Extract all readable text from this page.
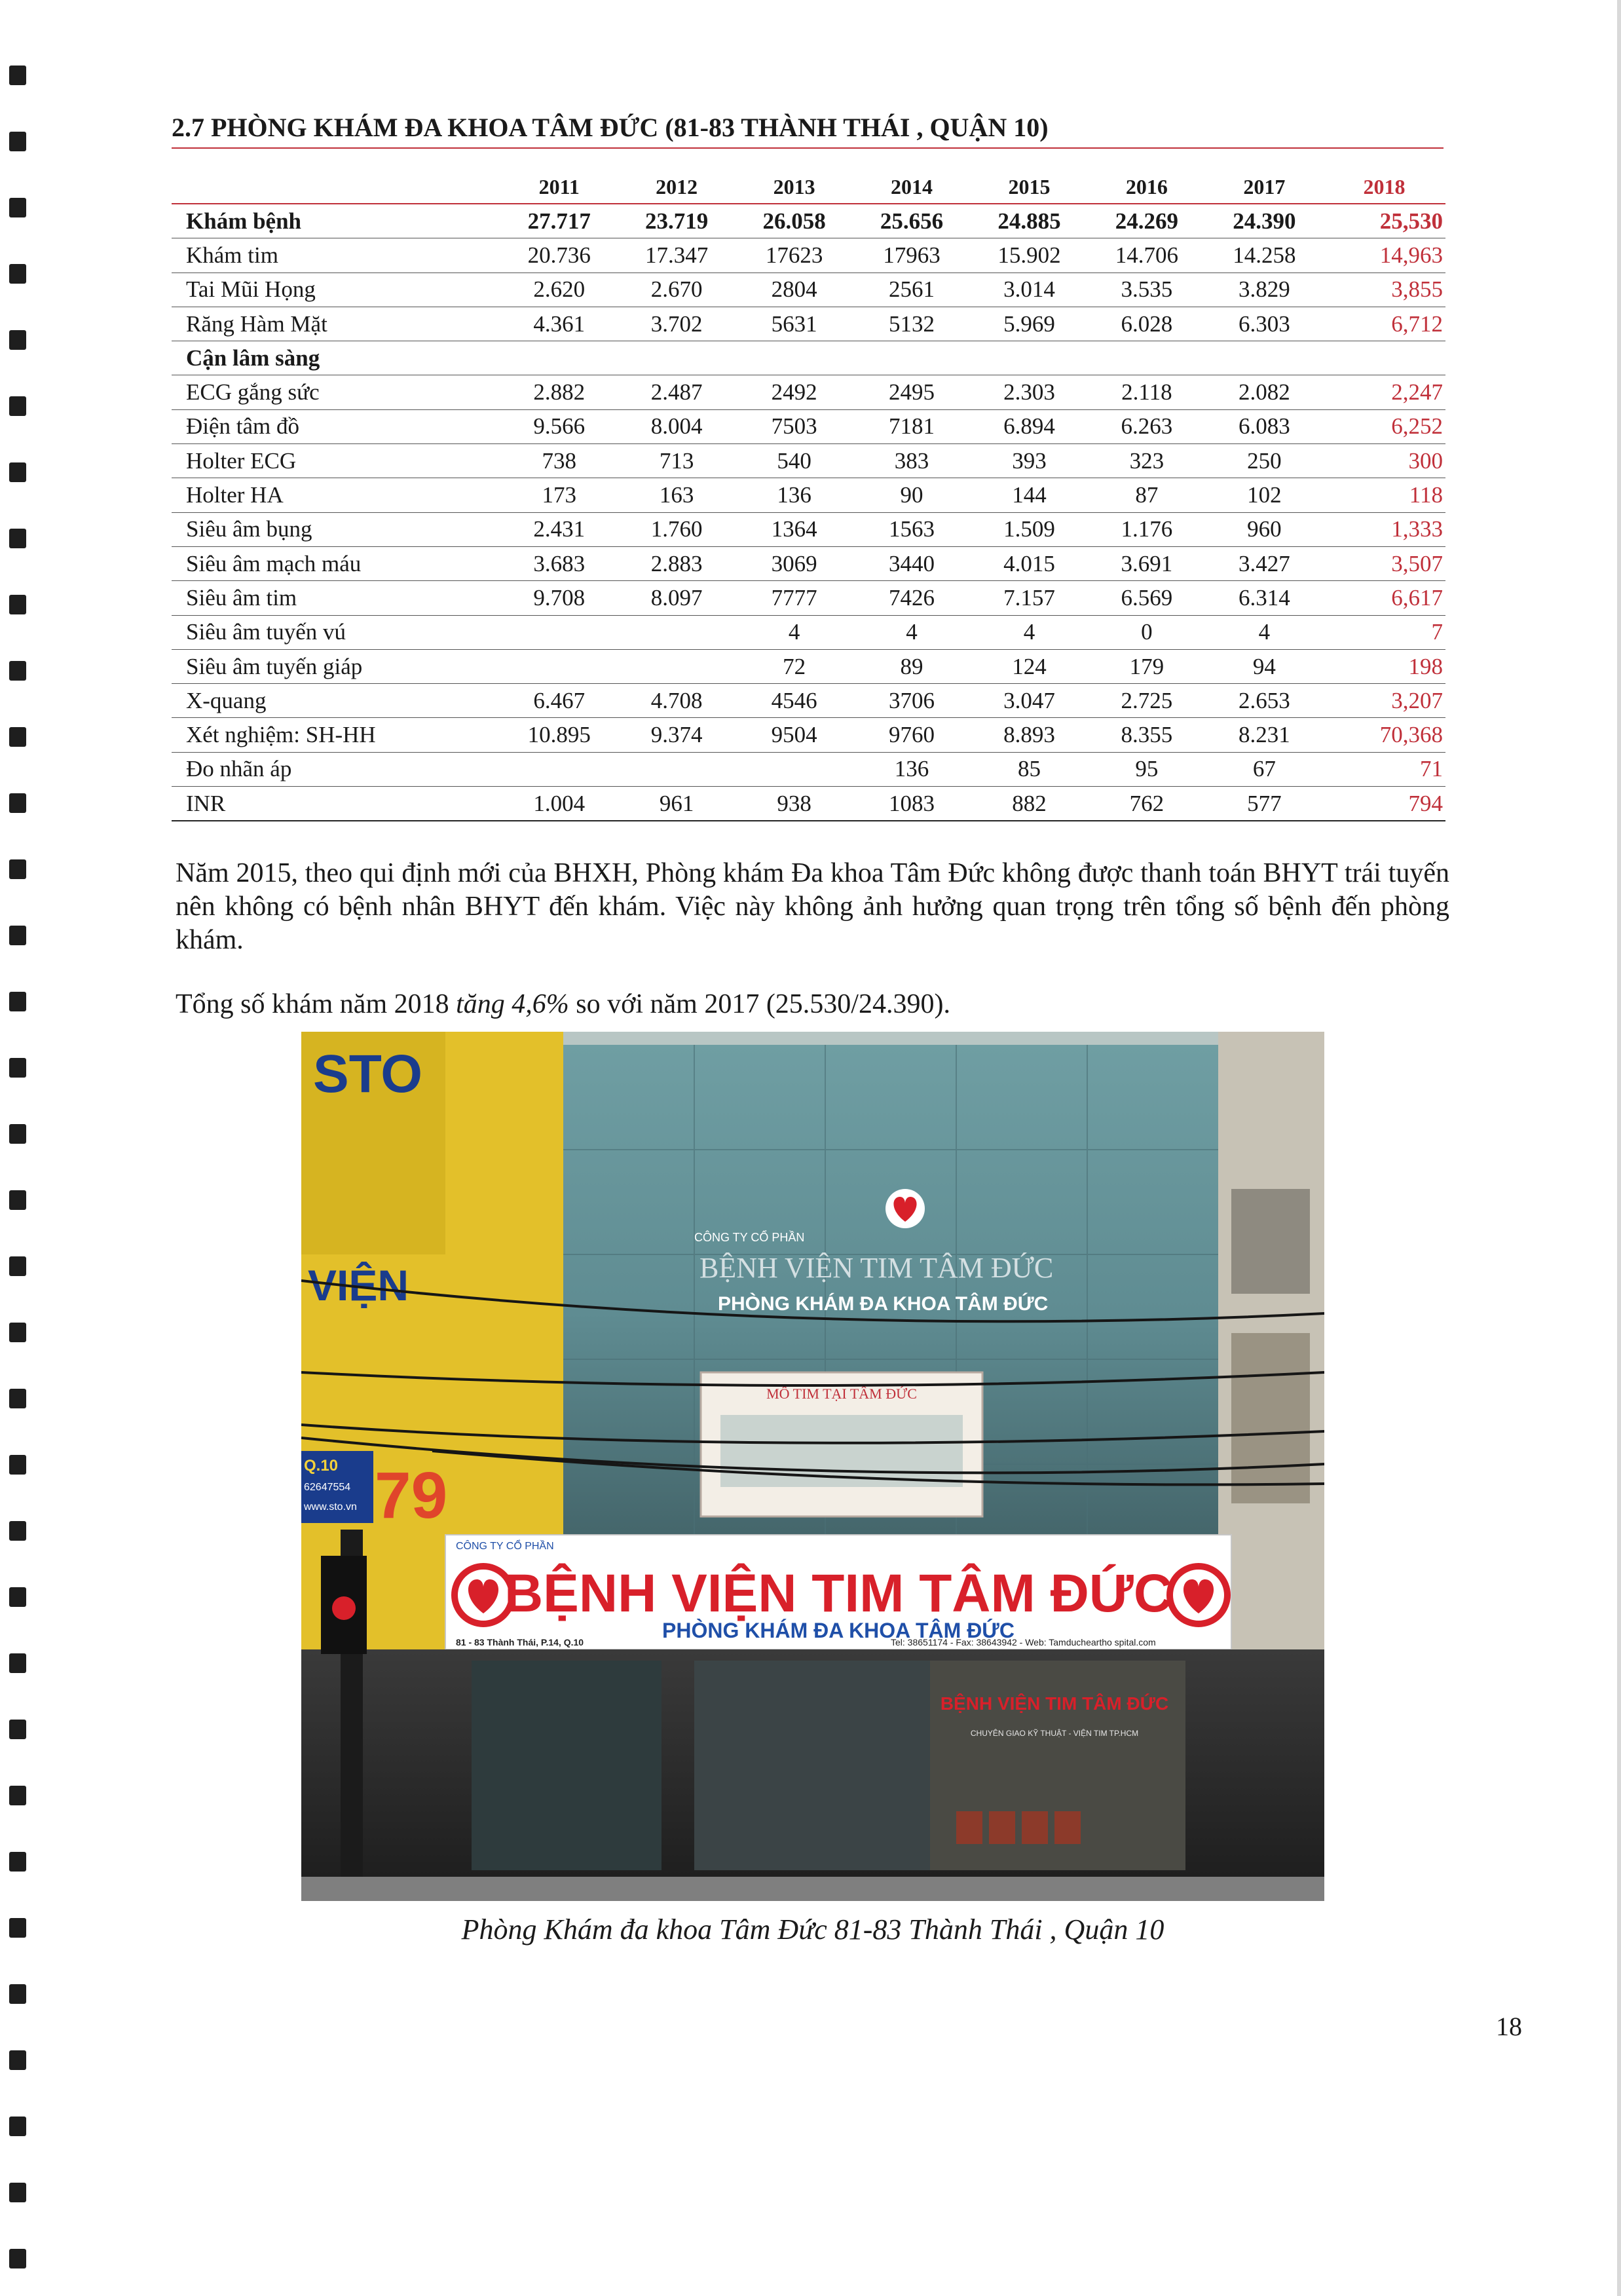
2.7 PHÒNG KHÁM ĐA KHOA TÂM ĐỨC (81-83 THÀNH THÁI , QUẬN 10)
	2011	2012	2013	2014	2015	2016	2017	2018
Khám bệnh	27.717	23.719	26.058	25.656	24.885	24.269	24.390	25,530
Khám tim	20.736	17.347	17623	17963	15.902	14.706	14.258	14,963
Tai Mũi Họng	2.620	2.670	2804	2561	3.014	3.535	3.829	3,855
Răng Hàm Mặt	4.361	3.702	5631	5132	5.969	6.028	6.303	6,712
Cận lâm sàng								
ECG gắng sức	2.882	2.487	2492	2495	2.303	2.118	2.082	2,247
Điện tâm đồ	9.566	8.004	7503	7181	6.894	6.263	6.083	6,252
Holter ECG	738	713	540	383	393	323	250	300
Holter HA	173	163	136	90	144	87	102	118
Siêu âm bụng	2.431	1.760	1364	1563	1.509	1.176	960	1,333
Siêu âm mạch máu	3.683	2.883	3069	3440	4.015	3.691	3.427	3,507
Siêu âm tim	9.708	8.097	7777	7426	7.157	6.569	6.314	6,617
Siêu âm tuyến vú			4	4	4	0	4	7
Siêu âm tuyến giáp			72	89	124	179	94	198
X-quang	6.467	4.708	4546	3706	3.047	2.725	2.653	3,207
Xét nghiệm: SH-HH	10.895	9.374	9504	9760	8.893	8.355	8.231	70,368
Đo nhãn áp				136	85	95	67	71
INR	1.004	961	938	1083	882	762	577	794
Năm 2015, theo qui định mới của BHXH, Phòng khám Đa khoa Tâm Đức không được thanh toán BHYT trái tuyến nên không có bệnh nhân BHYT đến khám. Việc này không ảnh hưởng quan trọng trên tổng số bệnh đến phòng khám.
Tổng số khám năm 2018 tăng 4,6% so với năm 2017 (25.530/24.390).
STO
VIỆN
Q.10
62647554
www.sto.vn 79
CÔNG TY CỔ PHẦN
BỆNH VIỆN TIM TÂM ĐỨC
PHÒNG KHÁM ĐA KHOA TÂM ĐỨC
MỔ TIM TẠI TÂM ĐỨC
CÔNG TY CỔ PHẦN
BỆNH VIỆN TIM TÂM ĐỨC
PHÒNG KHÁM ĐA KHOA TÂM ĐỨC
81 - 83 Thành Thái, P.14, Q.10	Tel: 38651174 - Fax: 38643942 - Web: Tamducheartho spital.com
BỆNH VIỆN TIM TÂM ĐỨC
CHUYÊN GIAO KỸ THUẬT - VIỆN TIM TP.HCM
Phòng Khám đa khoa Tâm Đức 81-83 Thành Thái , Quận 10
18
